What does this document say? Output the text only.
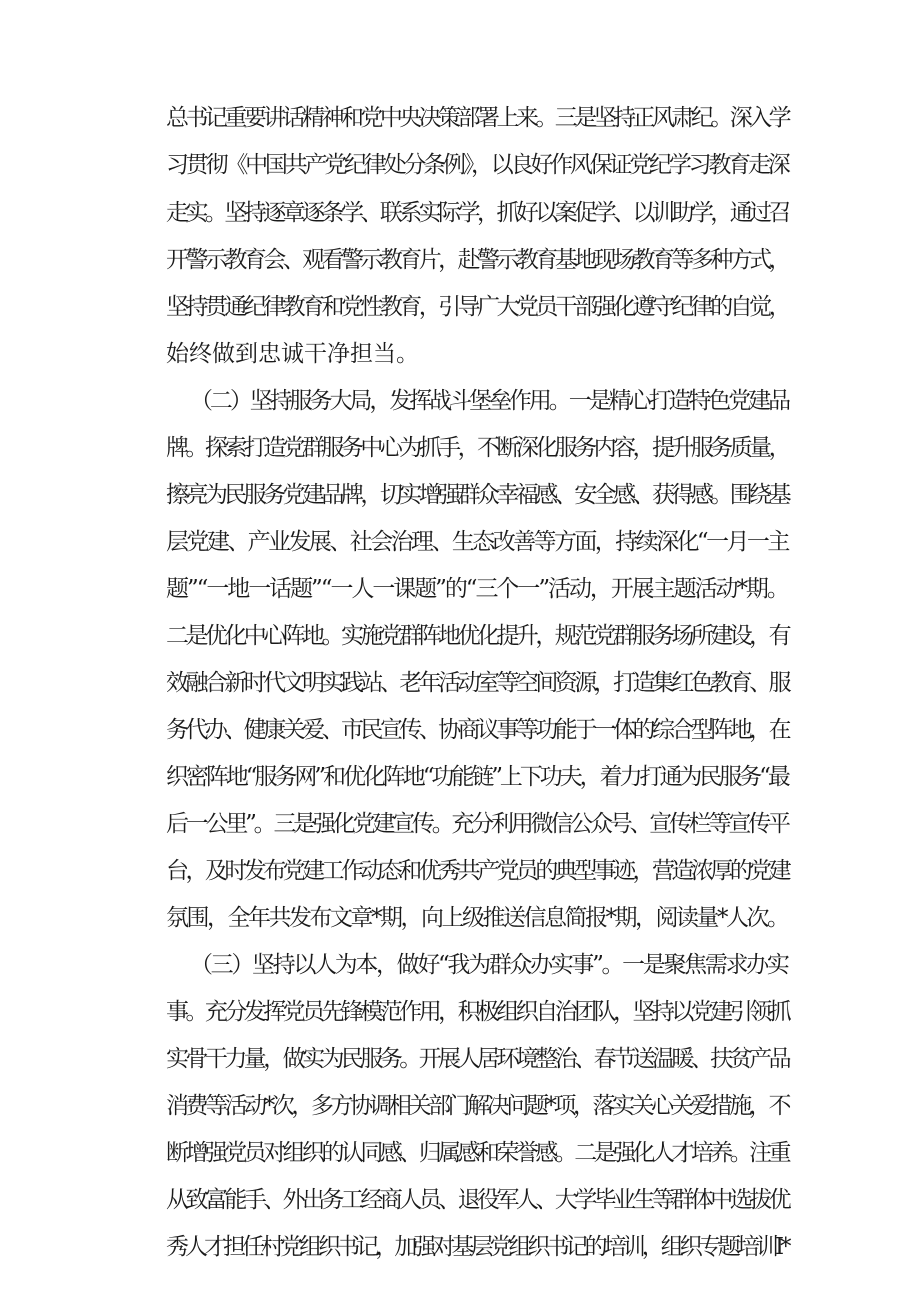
总书记重要讲话精神和党中央决策部署上来。三是坚持正风肃纪。深入学
习贯彻《中国共产党纪律处分条例》，以良好作风保证党纪学习教育走深
走实。坚持逐章逐条学、联系实际学，抓好以案促学、以训助学，通过召
开警示教育会、观看警示教育片，赴警示教育基地现场教育等多种方式，
坚持贯通纪律教育和党性教育，引导广大党员干部强化遵守纪律的自觉，
始终做到忠诚干净担当。
（二）坚持服务大局，发挥战斗堡垒作用。一是精心打造特色党建品
牌。探索打造党群服务中心为抓手，不断深化服务内容，提升服务质量，
擦亮为民服务党建品牌，切实增强群众幸福感、安全感、获得感。围绕基
层党建、产业发展、社会治理、生态改善等方面，持续深化“一月一主
题”“一地一话题”“一人一课题”的“三个一”活动，开展主题活动*期。
二是优化中心阵地。实施党群阵地优化提升，规范党群服务场所建设，有
效融合新时代文明实践站、老年活动室等空间资源，打造集红色教育、服
务代办、健康关爱、市民宣传、协商议事等功能于一体的综合型阵地，在
织密阵地“服务网”和优化阵地“功能链”上下功夫，着力打通为民服务“最
后一公里”。三是强化党建宣传。充分利用微信公众号、宣传栏等宣传平
台，及时发布党建工作动态和优秀共产党员的典型事迹，营造浓厚的党建
氛围，全年共发布文章*期，向上级推送信息简报*期，阅读量*人次。
（三）坚持以人为本，做好“我为群众办实事”。一是聚焦需求办实
事。充分发挥党员先锋模范作用，积极组织自治团队，坚持以党建引领抓
实骨干力量，做实为民服务。开展人居环境整治、春节送温暖、扶贫产品
消费等活动*次，多方协调相关部门解决问题*项，落实关心关爱措施，不
断增强党员对组织的认同感、归属感和荣誉感。二是强化人才培养。注重
从致富能手、外出务工经商人员、退役军人、大学毕业生等群体中选拔优
秀人才担任村党组织书记，加强对基层党组织书记的培训，组织专题培训I*
